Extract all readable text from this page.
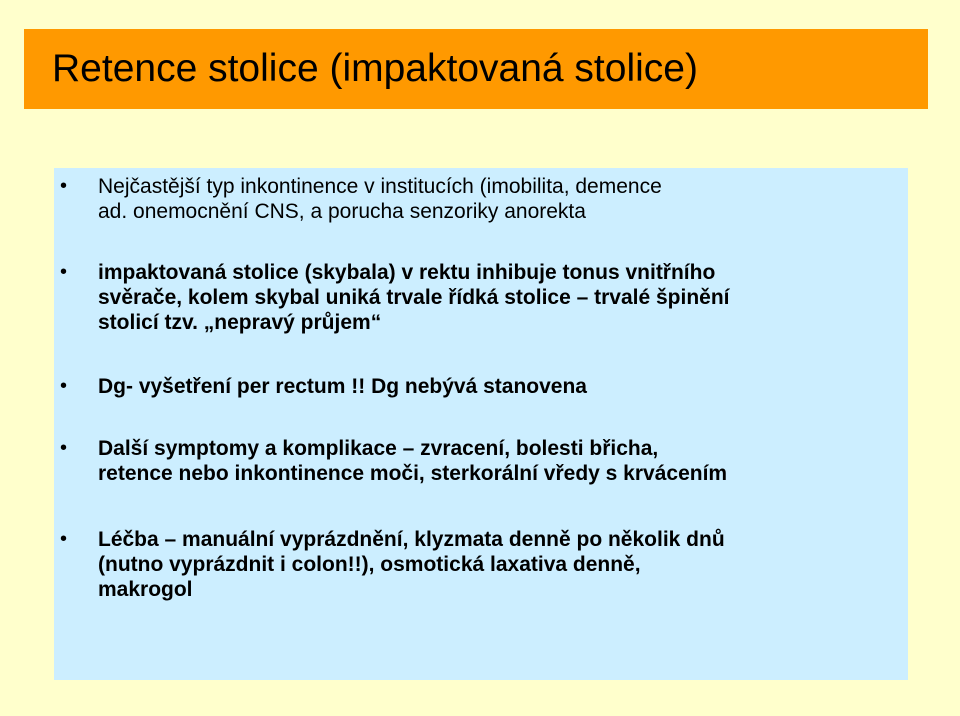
Retence stolice (impaktovaná stolice)
• Nejčastější typ inkontinence v institucích (imobilita, demence
ad. onemocnění CNS, a porucha senzoriky anorekta
• impaktovaná stolice (skybala) v rektu inhibuje tonus vnitřního
svěrače, kolem skybal uniká trvale řídká stolice – trvalé špinění
stolicí tzv. „nepravý průjem“
• Dg- vyšetření per rectum !! Dg nebývá stanovena
• Další symptomy a komplikace – zvracení, bolesti břicha,
retence nebo inkontinence moči, sterkorální vředy s krvácením
• Léčba – manuální vyprázdnění, klyzmata denně po několik dnů
(nutno vyprázdnit i colon!!), osmotická laxativa denně,
makrogol
